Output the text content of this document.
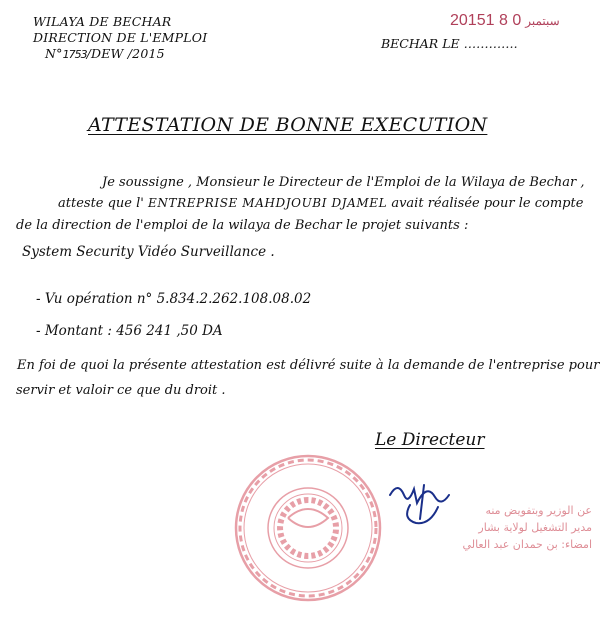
WILAYA DE BECHAR
DIRECTION DE L'EMPLOI
N°1753/DEW /2015
2015	سبتمبر0 8 1
BECHAR LE ………….
ATTESTATION DE BONNE EXECUTION
Je soussigne , Monsieur le Directeur de l'Emploi de la Wilaya de Bechar ,
atteste que l' ENTREPRISE MAHDJOUBI DJAMEL avait réalisée pour le compte
de la direction de l'emploi de la wilaya de Bechar le projet suivants :
System Security Vidéo Surveillance .
- Vu opération n° 5.834.2.262.108.08.02
- Montant : 456 241 ,50 DA
En foi de quoi la présente attestation est délivré suite à la demande de l'entreprise pour
servir et valoir ce que du droit .
Le Directeur
عن الوزير وبتفويض منه
مدير التشغيل لولاية بشار
امضاء: بن حمدان عبد العالي
